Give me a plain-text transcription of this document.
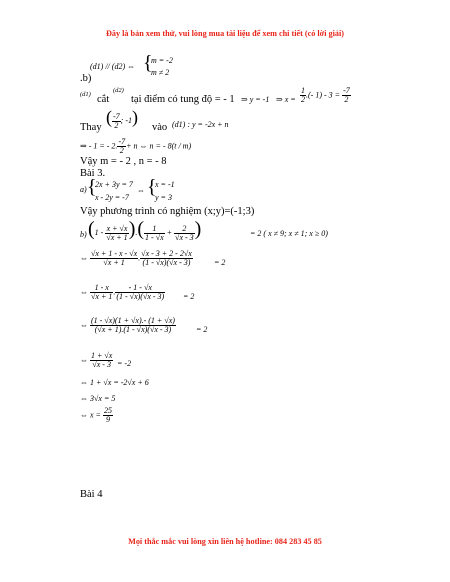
Đây là bản xem thử, vui lòng mua tài liệu để xem chi tiết (có lời giải)
(d1) // (d2) ⇔ {
m = -2
m ≠ 2
.b)
(d1) cắt
(d2)
tại điểm có tung độ = - 1 ⇒ y = -1 ⇒ $x = \frac{1}{2}$ .(- $1) - 3 = \frac{-7}{2}$
Thay
( $\frac{-7}{2}$ ; -1)
vào (d1) : y = -2x + n
⇒ - 1 = - 2. $\frac{-7}{2} + n$ ⇔ n = - 8(t / m)
Vậy m = - 2 , n = - 8
Bài 3.
a) {
2x + 3y = 7
x - 2y = -7
⇔ {
x = -1
y = 3
Vậy phương trình có nghiệm (x;y)=(-1;3)
b) ($1 - \frac{x + √x}{√x + 1}$ ).( $\frac{1}{1 - √x} + \frac{2}{√x - 3}$ )	= 2 ( x ≠ 9; x ≠ 1; x ≥ 0)
⇔ $\frac{√x + 1 - x - √x}{√x + 1}$ . $\frac{√x - 3 + 2 - 2√x}{(1 - √x)(√x - 3)}$	= 2
⇔ $\frac{1 - x}{√x + 1}$ . $\frac{- 1 - √x}{(1 - √x)(√x - 3)} = 2$
⇔ $\frac{(1 - √x)(1 + √x).- (1 + √x)}{(√x + 1).(1 - √x)(√x - 3)}$	= 2
⇔ $\frac{1 + √x}{√x - 3} = -2$
⇔ 1 + √x = -2√x + 6
⇔ 3√x = 5
⇔ $x = \frac{25}{9}$
Bài 4
Mọi thắc mắc vui lòng xin liên hệ hotline: 084 283 45 85
